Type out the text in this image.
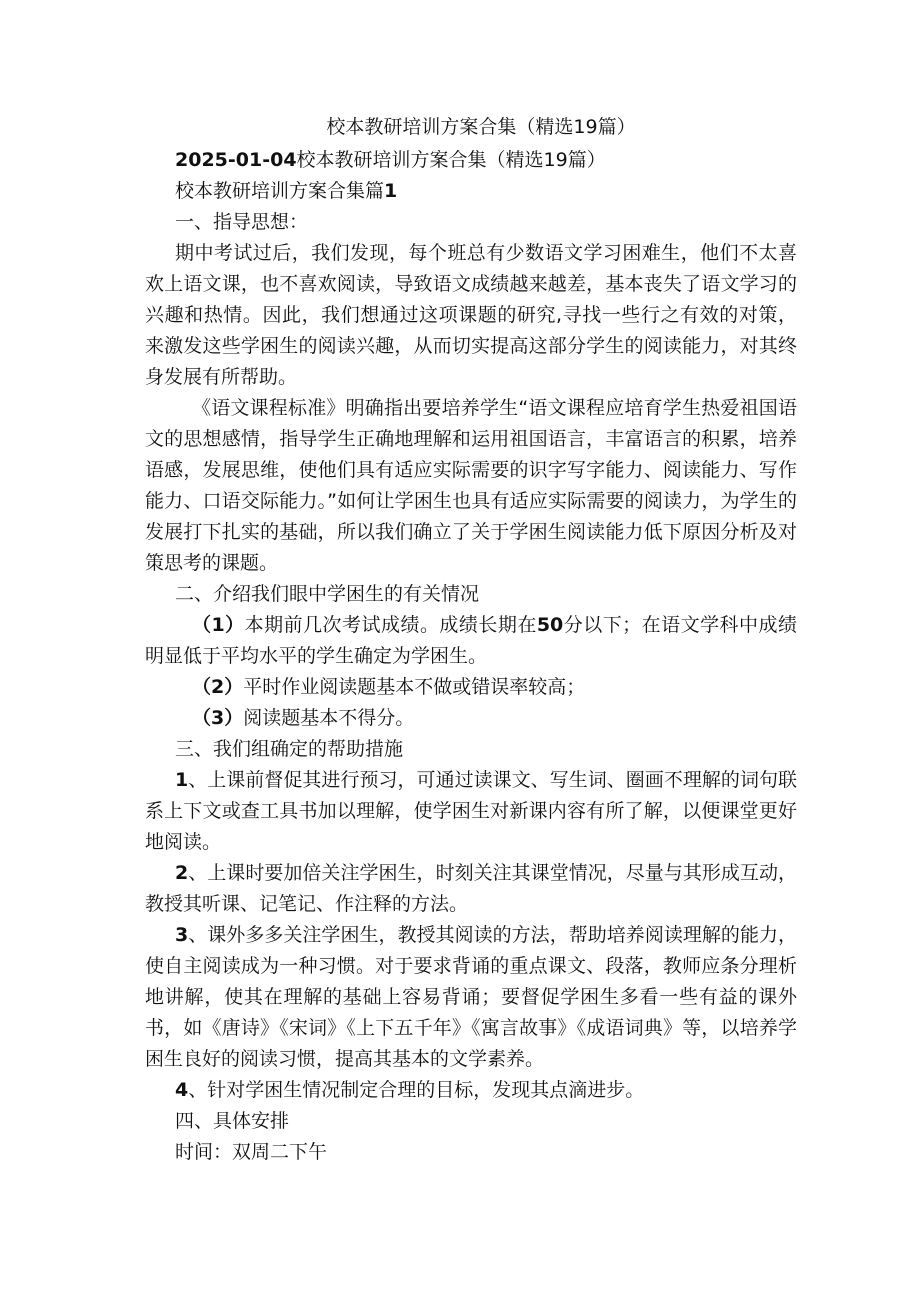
校本教研培训方案合集（精选19篇）

2025-01-04校本教研培训方案合集（精选19篇）

校本教研培训方案合集篇1

一、指导思想：

期中考试过后，我们发现，每个班总有少数语文学习困难生，他们不太喜欢上语文课，也不喜欢阅读，导致语文成绩越来越差，基本丧失了语文学习的兴趣和热情。因此，我们想通过这项课题的研究,寻找一些行之有效的对策，来激发这些学困生的阅读兴趣，从而切实提高这部分学生的阅读能力，对其终身发展有所帮助。

《语文课程标准》明确指出要培养学生“语文课程应培育学生热爱祖国语文的思想感情，指导学生正确地理解和运用祖国语言，丰富语言的积累，培养语感，发展思维，使他们具有适应实际需要的识字写字能力、阅读能力、写作能力、口语交际能力。”如何让学困生也具有适应实际需要的阅读力，为学生的发展打下扎实的基础，所以我们确立了关于学困生阅读能力低下原因分析及对策思考的课题。

二、介绍我们眼中学困生的有关情况

（1）本期前几次考试成绩。成绩长期在50分以下；在语文学科中成绩明显低于平均水平的学生确定为学困生。

（2）平时作业阅读题基本不做或错误率较高；

（3）阅读题基本不得分。

三、我们组确定的帮助措施

1、上课前督促其进行预习，可通过读课文、写生词、圈画不理解的词句联系上下文或查工具书加以理解，使学困生对新课内容有所了解，以便课堂更好地阅读。

2、上课时要加倍关注学困生，时刻关注其课堂情况，尽量与其形成互动，教授其听课、记笔记、作注释的方法。

3、课外多多关注学困生，教授其阅读的方法，帮助培养阅读理解的能力，使自主阅读成为一种习惯。对于要求背诵的重点课文、段落，教师应条分理析地讲解，使其在理解的基础上容易背诵；要督促学困生多看一些有益的课外书，如《唐诗》《宋词》《上下五千年》《寓言故事》《成语词典》等，以培养学困生良好的阅读习惯，提高其基本的文学素养。

4、针对学困生情况制定合理的目标，发现其点滴进步。

四、具体安排

时间：双周二下午
